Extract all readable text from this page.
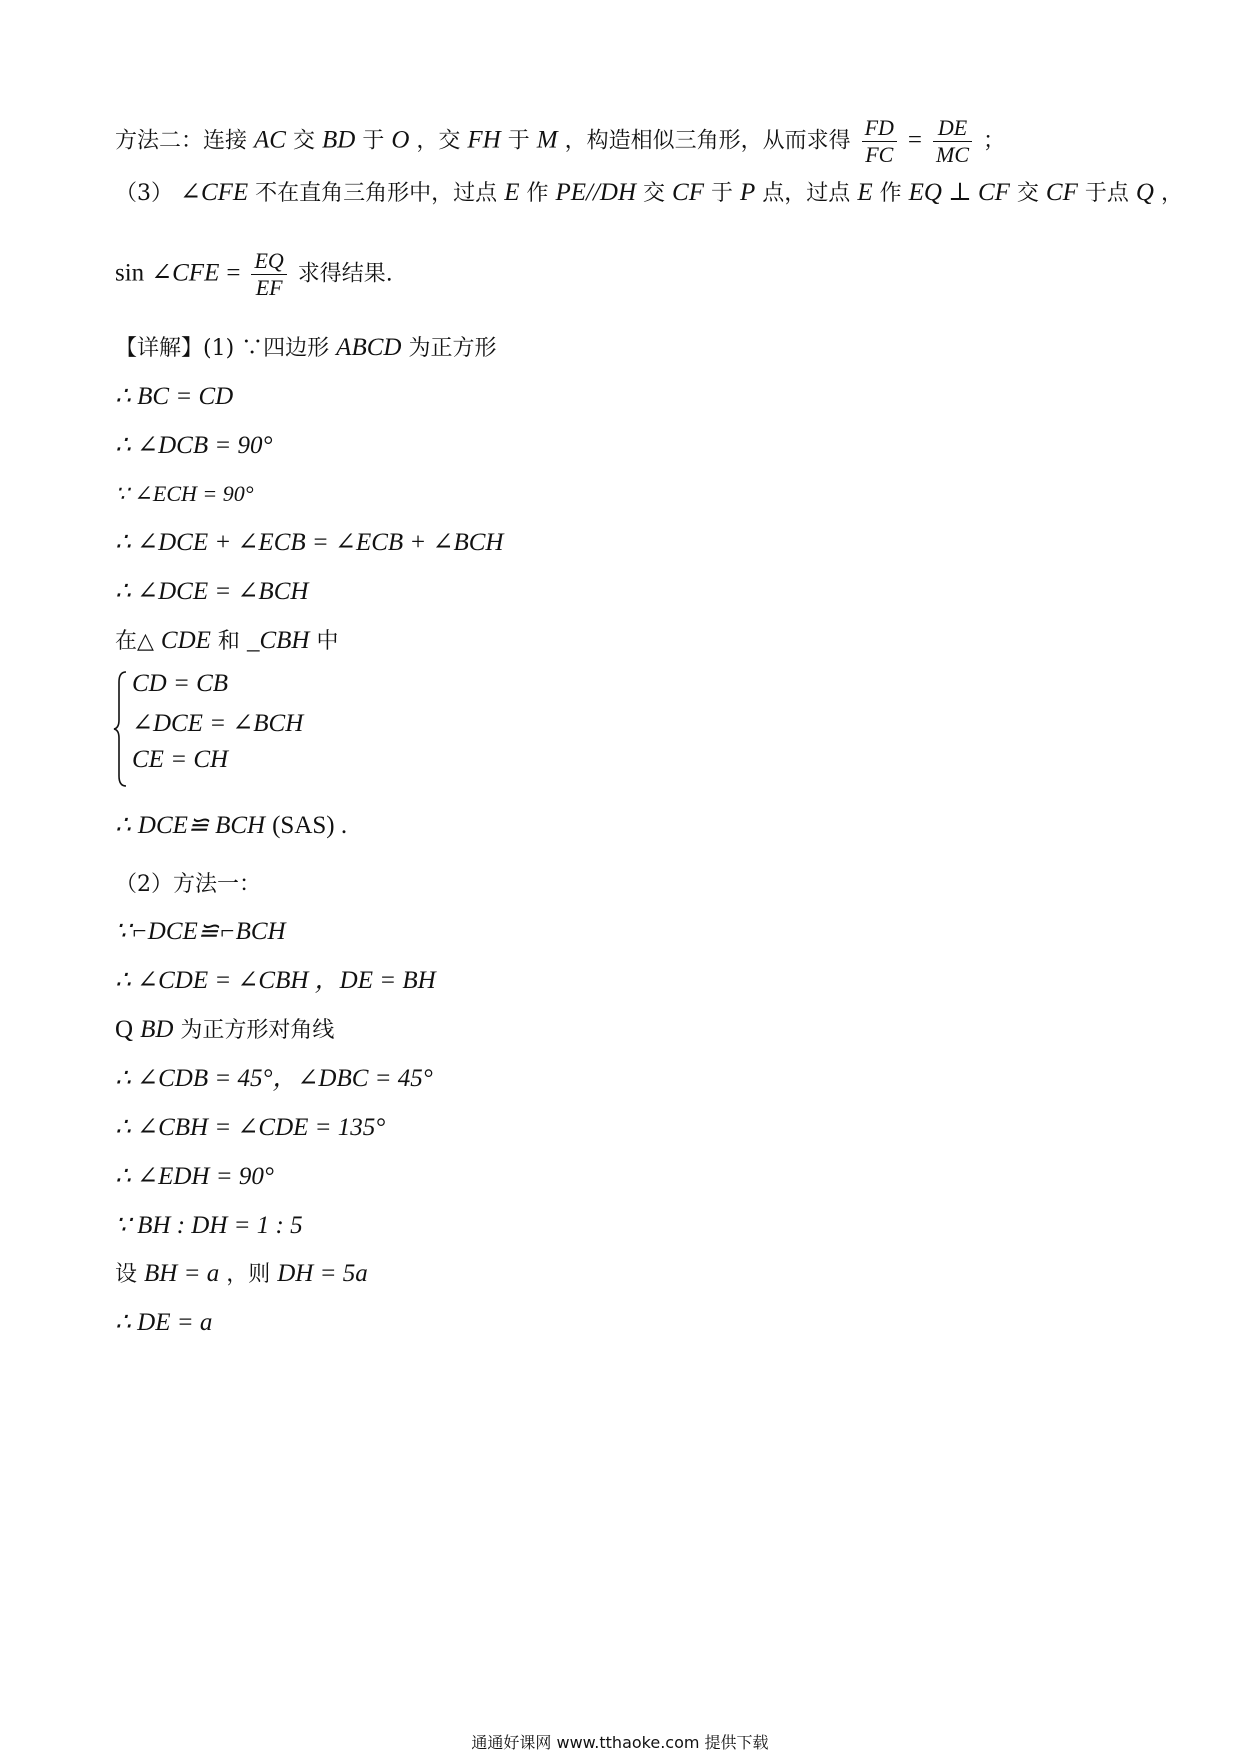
方法二：连接 AC 交 BD 于 O ，交 FH 于 M ，构造相似三角形，从而求得 $\frac{FD}{FC} = \frac{DE}{MC}$ ；
（3） ∠CFE 不在直角三角形中，过点 E 作 PE//DH 交 CF 于 P 点，过点 E 作 EQ ⊥ CF 交 CF 于点 Q ，
sin ∠CFE = $\frac{EQ}{EF}$ 求得结果.
【详解】(1) ∵四边形 ABCD 为正方形
∴ BC = CD
∴ ∠DCB = 90°
∵ ∠ECH = 90°
∴ ∠DCE + ∠ECB = ∠ECB + ∠BCH
∴ ∠DCE = ∠BCH
在△ CDE 和 _CBH 中
CD = CB
∠DCE = ∠BCH
CE = CH
∴ DCE≌ BCH (SAS) .
（2）方法一：
∵⌐DCE≌⌐BCH
∴ ∠CDE = ∠CBH ，DE = BH
Q BD 为正方形对角线
∴ ∠CDB = 45°，∠DBC = 45°
∴ ∠CBH = ∠CDE = 135°
∴ ∠EDH = 90°
∵ BH : DH = 1 : 5
设 BH = a ，则 DH = 5a
∴ DE = a
通通好课网 www.tthaoke.com 提供下载
